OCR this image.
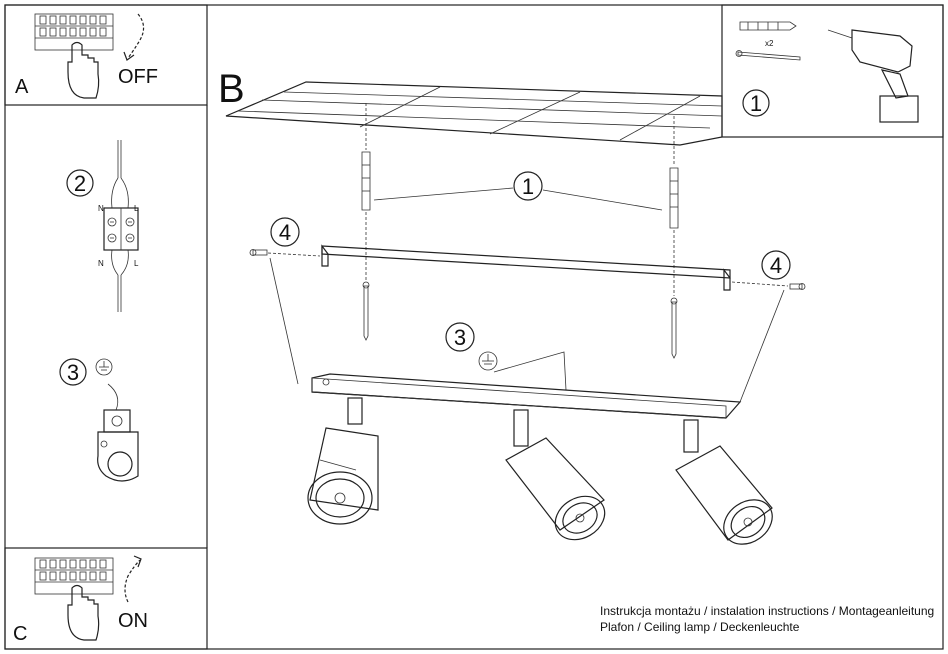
A	OFF
C
ON
2
N	L
N	L
3
x2
1
B
1
4
4
3
Instrukcja montażu / instalation instructions / Montageanleitung
Plafon / Ceiling lamp / Deckenleuchte
